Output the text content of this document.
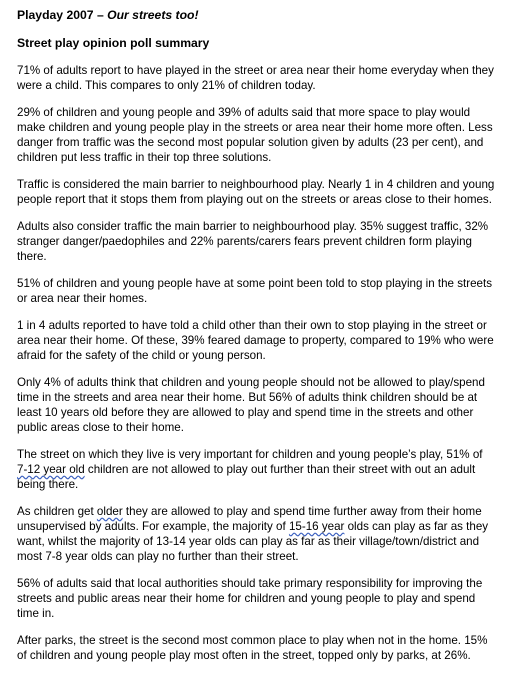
Playday 2007 – Our streets too!
Street play opinion poll summary

71% of adults report to have played in the street or area near their home everyday when they were a child. This compares to only 21% of children today.

29% of children and young people and 39% of adults said that more space to play would make children and young people play in the streets or area near their home more often. Less danger from traffic was the second most popular solution given by adults (23 per cent), and children put less traffic in their top three solutions.

Traffic is considered the main barrier to neighbourhood play. Nearly 1 in 4 children and young people report that it stops them from playing out on the streets or areas close to their homes.

Adults also consider traffic the main barrier to neighbourhood play. 35% suggest traffic, 32% stranger danger/paedophiles and 22% parents/carers fears prevent children form playing there.

51% of children and young people have at some point been told to stop playing in the streets or area near their homes.

1 in 4 adults reported to have told a child other than their own to stop playing in the street or area near their home. Of these, 39% feared damage to property, compared to 19% who were afraid for the safety of the child or young person.

Only 4% of adults think that children and young people should not be allowed to play/spend time in the streets and area near their home. But 56% of adults think children should be at least 10 years old before they are allowed to play and spend time in the streets and other public areas close to their home.

The street on which they live is very important for children and young people’s play, 51% of 7-12 year old children are not allowed to play out further than their street with out an adult being there.

As children get older they are allowed to play and spend time further away from their home unsupervised by adults. For example, the majority of 15-16 year olds can play as far as they want, whilst the majority of 13-14 year olds can play as far as their village/town/district and most 7-8 year olds can play no further than their street.

56% of adults said that local authorities should take primary responsibility for improving the streets and public areas near their home for children and young people to play and spend time in.

After parks, the street is the second most common place to play when not in the home. 15% of children and young people play most often in the street, topped only by parks, at 26%.
